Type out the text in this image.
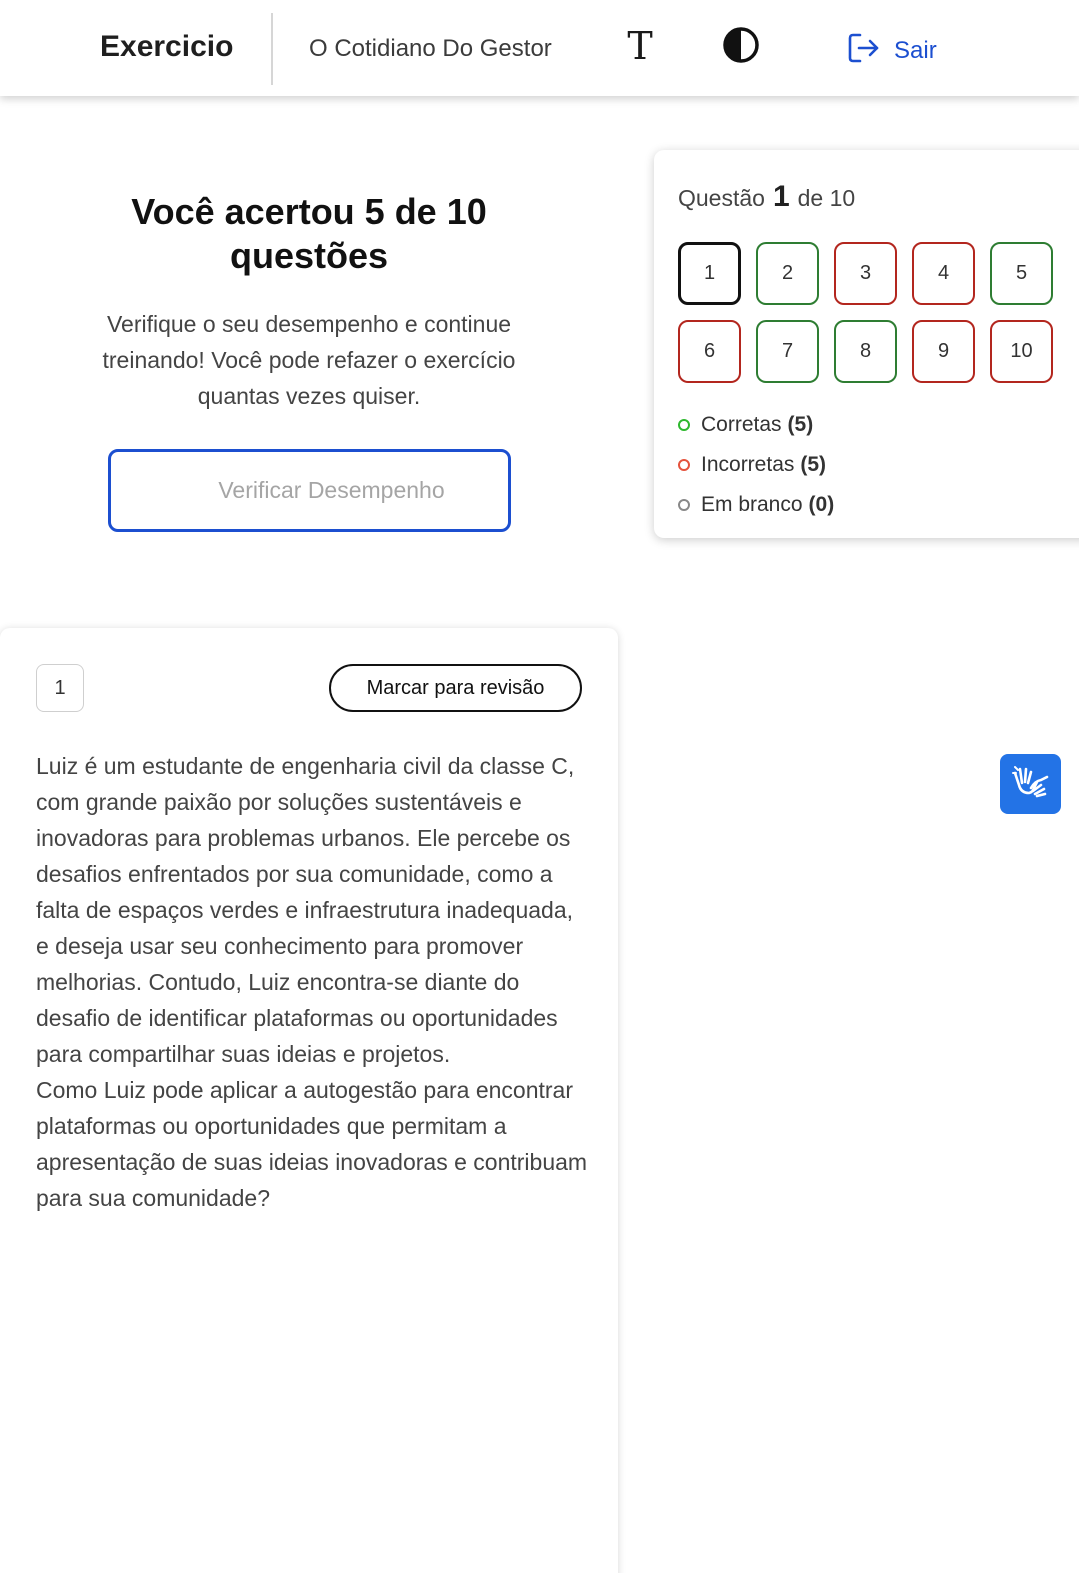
Exercicio	O Cotidiano Do Gestor T	Sair
Você acertou 5 de 10 questões
Verifique o seu desempenho e continue treinando! Você pode refazer o exercício quantas vezes quiser.
Verificar Desempenho
Questão 1 de 10
1	2	3	4	5
6	7	8	9	10
Corretas (5)
Incorretas (5)
Em branco (0)
1	Marcar para revisão

Luiz é um estudante de engenharia civil da classe C, com grande paixão por soluções sustentáveis e inovadoras para problemas urbanos. Ele percebe os desafios enfrentados por sua comunidade, como a falta de espaços verdes e infraestrutura inadequada, e deseja usar seu conhecimento para promover melhorias. Contudo, Luiz encontra-se diante do desafio de identificar plataformas ou oportunidades para compartilhar suas ideias e projetos.

Como Luiz pode aplicar a autogestão para encontrar plataformas ou oportunidades que permitam a apresentação de suas ideias inovadoras e contribuam para sua comunidade?
